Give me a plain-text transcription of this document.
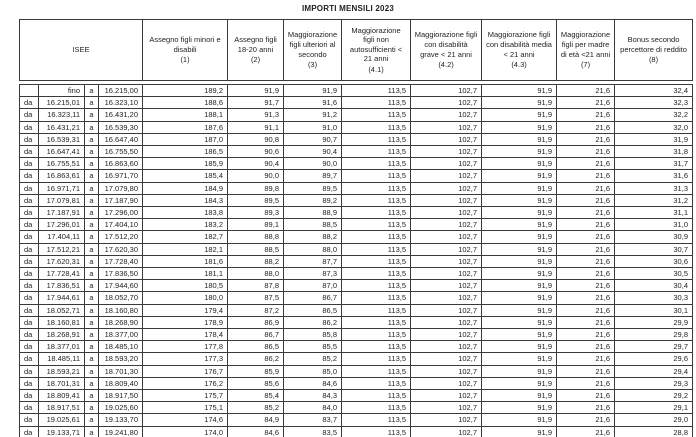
IMPORTI MENSILI 2023
ISEE	
Assegno figli minori e disabili
(1)

Assegno figli 18-20 anni
(2)

Maggiorazione figli ulteriori al secondo
(3)

Maggiorazione figli non autosufficienti < 21 anni
(4.1)

Maggiorazione figli con disabilità grave < 21 anni
(4.2)

Maggiorazione figli con disabilità media < 21 anni
(4.3)

Maggiorazione figli per madre di età <21 anni
(7)

Bonus secondo percettore di reddito
(8)
	fino	a	16.215,00	189,2	91,9	91,9	113,5	102,7	91,9	21,6	32,4
da	16.215,01	a	16.323,10	188,6	91,7	91,6	113,5	102,7	91,9	21,6	32,3
da	16.323,11	a	16.431,20	188,1	91,3	91,2	113,5	102,7	91,9	21,6	32,2
da	16.431,21	a	16.539,30	187,6	91,1	91,0	113,5	102,7	91,9	21,6	32,0
da	16.539,31	a	16.647,40	187,0	90,8	90,7	113,5	102,7	91,9	21,6	31,9
da	16.647,41	a	16.755,50	186,5	90,6	90,4	113,5	102,7	91,9	21,6	31,8
da	16.755,51	a	16.863,60	185,9	90,4	90,0	113,5	102,7	91,9	21,6	31,7
da	16.863,61	a	16.971,70	185,4	90,0	89,7	113,5	102,7	91,9	21,6	31,6
da	16.971,71	a	17.079,80	184,9	89,8	89,5	113,5	102,7	91,9	21,6	31,3
da	17.079,81	a	17.187,90	184,3	89,5	89,2	113,5	102,7	91,9	21,6	31,2
da	17.187,91	a	17.296,00	183,8	89,3	88,9	113,5	102,7	91,9	21,6	31,1
da	17.296,01	a	17.404,10	183,2	89,1	88,5	113,5	102,7	91,9	21,6	31,0
da	17.404,11	a	17.512,20	182,7	88,8	88,2	113,5	102,7	91,9	21,6	30,9
da	17.512,21	a	17.620,30	182,1	88,5	88,0	113,5	102,7	91,9	21,6	30,7
da	17.620,31	a	17.728,40	181,6	88,2	87,7	113,5	102,7	91,9	21,6	30,6
da	17.728,41	a	17.836,50	181,1	88,0	87,3	113,5	102,7	91,9	21,6	30,5
da	17.836,51	a	17.944,60	180,5	87,8	87,0	113,5	102,7	91,9	21,6	30,4
da	17.944,61	a	18.052,70	180,0	87,5	86,7	113,5	102,7	91,9	21,6	30,3
da	18.052,71	a	18.160,80	179,4	87,2	86,5	113,5	102,7	91,9	21,6	30,1
da	18.160,81	a	18.268,90	178,9	86,9	86,2	113,5	102,7	91,9	21,6	29,9
da	18.268,91	a	18.377,00	178,4	86,7	85,8	113,5	102,7	91,9	21,6	29,8
da	18.377,01	a	18.485,10	177,8	86,5	85,5	113,5	102,7	91,9	21,6	29,7
da	18.485,11	a	18.593,20	177,3	86,2	85,2	113,5	102,7	91,9	21,6	29,6
da	18.593,21	a	18.701,30	176,7	85,9	85,0	113,5	102,7	91,9	21,6	29,4
da	18.701,31	a	18.809,40	176,2	85,6	84,6	113,5	102,7	91,9	21,6	29,3
da	18.809,41	a	18.917,50	175,7	85,4	84,3	113,5	102,7	91,9	21,6	29,2
da	18.917,51	a	19.025,60	175,1	85,2	84,0	113,5	102,7	91,9	21,6	29,1
da	19.025,61	a	19.133,70	174,6	84,9	83,7	113,5	102,7	91,9	21,6	29,0
da	19.133,71	a	19.241,80	174,0	84,6	83,5	113,5	102,7	91,9	21,6	28,8
